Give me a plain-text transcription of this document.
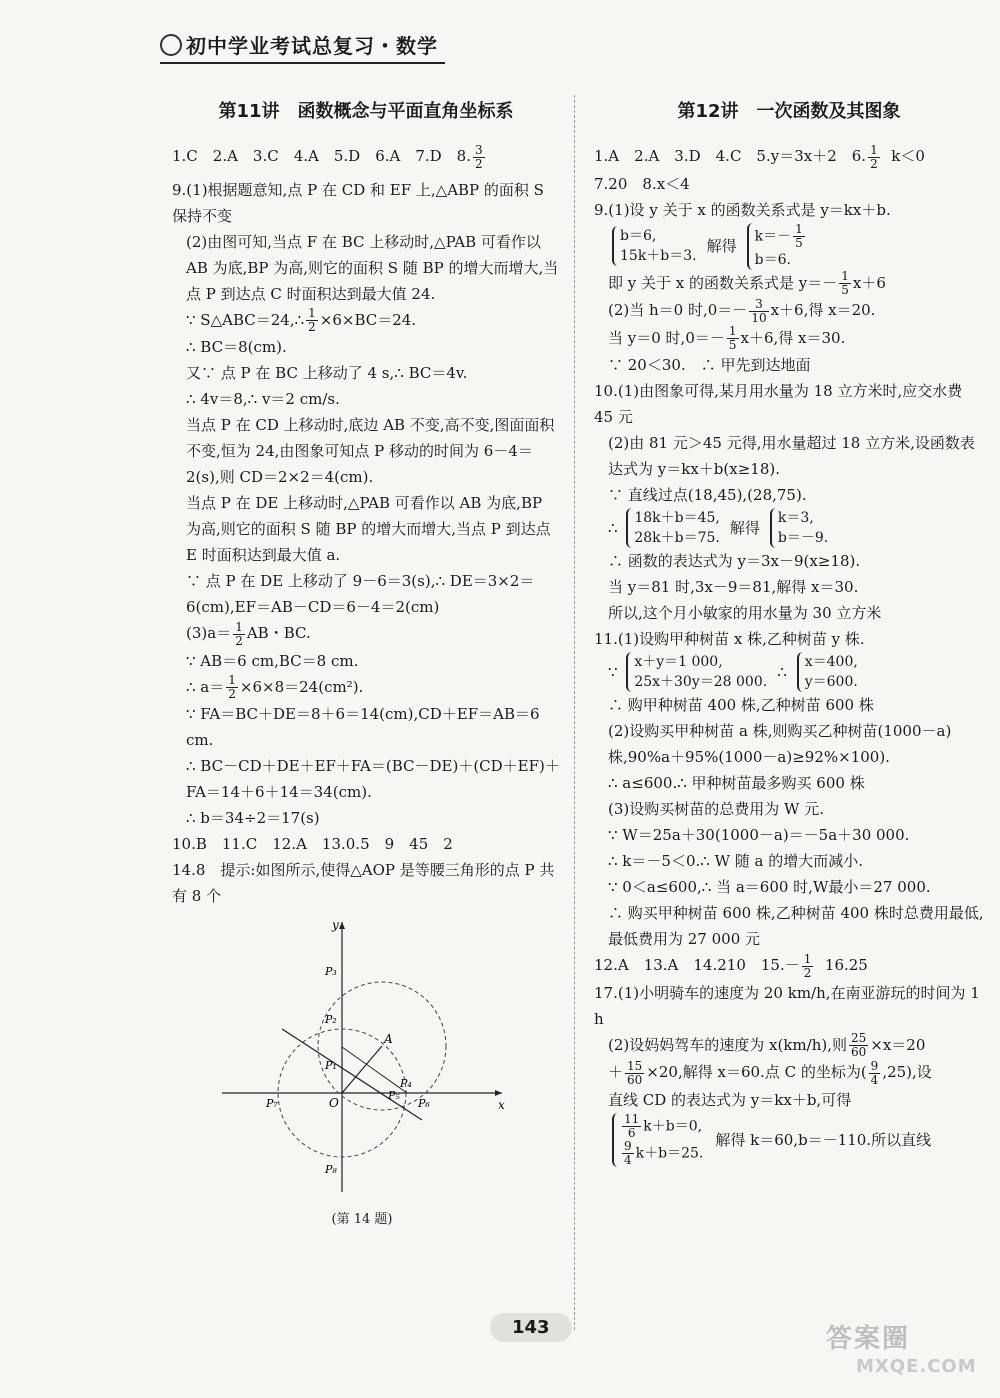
初中学业考试总复习・数学
第11讲　函数概念与平面直角坐标系

1.C　2.A　3.C　4.A　5.D　6.A　7.D　8. $\frac{3}{2}$

9.(1)根据题意知,点 P 在 CD 和 EF 上,△ABP 的面积 S 保持不变

(2)由图可知,当点 F 在 BC 上移动时,△PAB 可看作以 AB 为底,BP 为高,则它的面积 S 随 BP 的增大而增大,当点 P 到达点 C 时面积达到最大值 24.

∵ S△ABC＝24,∴ $\frac{1}{2} \times 6\times BC=24$.

∴ BC＝8(cm).

又∵ 点 P 在 BC 上移动了 4 s,∴ BC＝4v.

∴ 4v＝8,∴ v＝2 cm/s.

当点 P 在 CD 上移动时,底边 AB 不变,高不变,图面面积不变,恒为 24,由图象可知点 P 移动的时间为 6－4＝2(s),则 CD＝2×2＝4(cm).

当点 P 在 DE 上移动时,△PAB 可看作以 AB 为底,BP 为高,则它的面积 S 随 BP 的增大而增大,当点 P 到达点 E 时面积达到最大值 a.

∵ 点 P 在 DE 上移动了 9－6＝3(s),∴ DE＝3×2＝6(cm),EF＝AB－CD＝6－4＝2(cm)

$(3)a= \frac{1}{2}$ AB・BC.

∵ AB＝6 cm,BC＝8 cm.

∴ $a= \frac{1}{2} \times 6\times 8=24(cm^2)$.

∵ FA＝BC＋DE＝8＋6＝14(cm),CD＋EF＝AB＝6 cm.

∴ BC－CD＋DE＋EF＋FA＝(BC－DE)＋(CD＋EF)＋FA＝14＋6＋14＝34(cm).

∴ b＝34÷2＝17(s)

10.B　11.C　12.A　13.0.5　9　45　2

14.8　提示:如图所示,使得△AOP 是等腰三角形的点 P 共有 8 个

y
x
O
A
P₁
P₂
P₃
P₄
P₅
P₆
P₇
P₈
(第 14 题)
第12讲　一次函数及其图象

1.A　2.A　3.D　4.C　5.y＝3x＋2　6. $\frac{1}{2} k<0$

7.20　8.x＜4

9.(1)设 y 关于 x 的函数关系式是 y＝kx＋b.

b＝6,
15k＋b＝3.
解得
$k=- \frac{1}{5}$
b＝6.

即 y 关于 x 的函数关系式是 $y=- \frac{1}{5} x+6$

(2)当 h＝0 时$,0=- \frac{3}{10} x+6$,得 x＝20.

当 y＝0 时$,0=- \frac{1}{5} x+6$,得 x＝30.

∵ 20＜30.　∴ 甲先到达地面

10.(1)由图象可得,某月用水量为 18 立方米时,应交水费 45 元

(2)由 81 元＞45 元得,用水量超过 18 立方米,设函数表达式为 y＝kx＋b(x≥18).

∵ 直线过点(18,45),(28,75).

∴
18k＋b＝45,
28k＋b＝75.
解得
k＝3,
b＝－9.

∴ 函数的表达式为 y＝3x－9(x≥18).

当 y＝81 时,3x－9＝81,解得 x＝30.

所以,这个月小敏家的用水量为 30 立方米

11.(1)设购甲种树苗 x 株,乙种树苗 y 株.

∵
x＋y＝1 000,
25x＋30y＝28 000.
∴
x＝400,
y＝600.

∴ 购甲种树苗 400 株,乙种树苗 600 株

(2)设购买甲种树苗 a 株,则购买乙种树苗(1000－a)株,90%a＋95%(1000－a)≥92%×100).

∴ a≤600.∴ 甲种树苗最多购买 600 株

(3)设购买树苗的总费用为 W 元.

∵ W＝25a＋30(1000－a)＝－5a＋30 000.

∴ k＝－5＜0.∴ W 随 a 的增大而减小.

∵ 0＜a≤600,∴ 当 a＝600 时,W最小＝27 000.

∴ 购买甲种树苗 600 株,乙种树苗 400 株时总费用最低,最低费用为 27 000 元

12.A　13.A　14.210　$15.- \frac{1}{2} 16.25$

17.(1)小明骑车的速度为 20 km/h,在南亚游玩的时间为 1 h

(2)设妈妈驾车的速度为 x(km/h),则 $\frac{25}{60} \times x=20$

＋ $\frac{15}{60} \times 20$,解得 x＝60.点 C 的坐标为( $\frac{9}{4} ,25$),设

直线 CD 的表达式为 y＝kx＋b,可得

$\frac{11}{6} k+b=0$,
$\frac{9}{4} k+b=25$.
解得 k＝60,b＝－110.所以直线
143	答案圈
MXQE.COM
